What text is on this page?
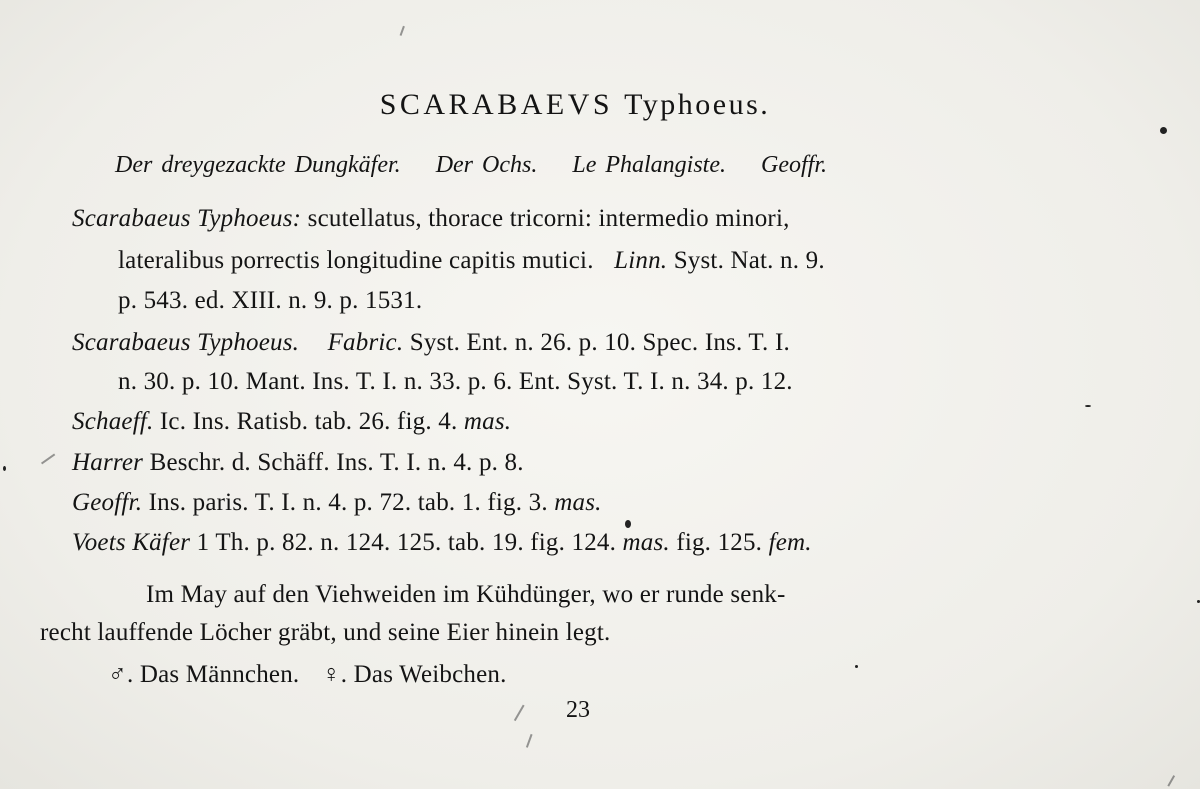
SCARABAEVS Typhoeus.
Der dreygezackte Dungkäfer. Der Ochs. Le Phalangiste. Geoffr.
Scarabaeus Typhoeus: scutellatus, thorace tricorni: intermedio minori,
lateralibus porrectis longitudine capitis mutici. Linn. Syst. Nat. n. 9.
p. 543. ed. XIII. n. 9. p. 1531.
Scarabaeus Typhoeus. Fabric. Syst. Ent. n. 26. p. 10. Spec. Ins. T. I.
n. 30. p. 10. Mant. Ins. T. I. n. 33. p. 6. Ent. Syst. T. I. n. 34. p. 12.
Schaeff. Ic. Ins. Ratisb. tab. 26. fig. 4. mas.
Harrer Beschr. d. Schäff. Ins. T. I. n. 4. p. 8.
Geoffr. Ins. paris. T. I. n. 4. p. 72. tab. 1. fig. 3. mas.
Voets Käfer 1 Th. p. 82. n. 124. 125. tab. 19. fig. 124. mas. fig. 125. fem.
Im May auf den Viehweiden im Kühdünger, wo er runde senk-
recht lauffende Löcher gräbt, und seine Eier hinein legt.
♂. Das Männchen. ♀. Das Weibchen.
23
